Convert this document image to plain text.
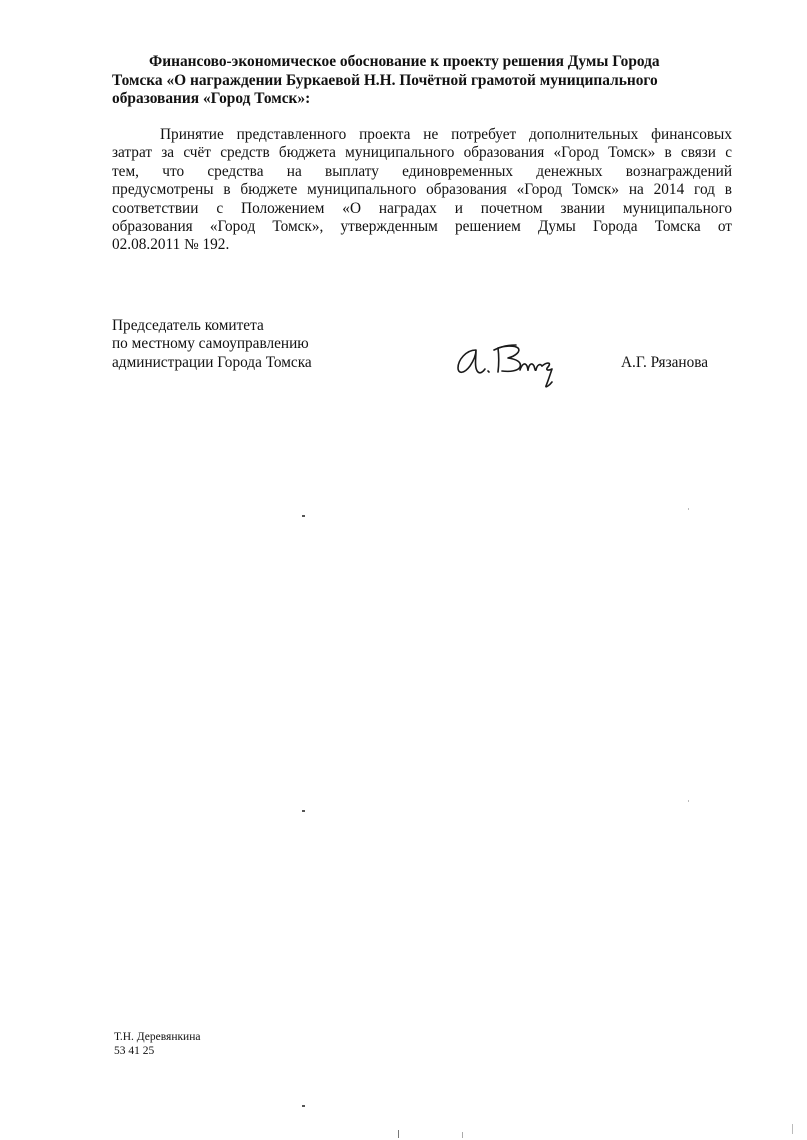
Финансово-экономическое обоснование к проекту решения Думы Города
Томска «О награждении Буркаевой Н.Н. Почётной грамотой муниципального
образования «Город Томск»:
Принятие представленного проекта не потребует дополнительных финансовых
затрат за счёт средств бюджета муниципального образования «Город Томск» в связи с
тем, что средства на выплату единовременных денежных вознаграждений
предусмотрены в бюджете муниципального образования «Город Томск» на 2014 год в
соответствии с Положением «О наградах и почетном звании муниципального
образования «Город Томск», утвержденным решением Думы Города Томска от
02.08.2011 № 192.
Председатель комитета
по местному самоуправлению
администрации Города Томска	А.Г. Рязанова
Т.Н. Деревянкина
53 41 25
